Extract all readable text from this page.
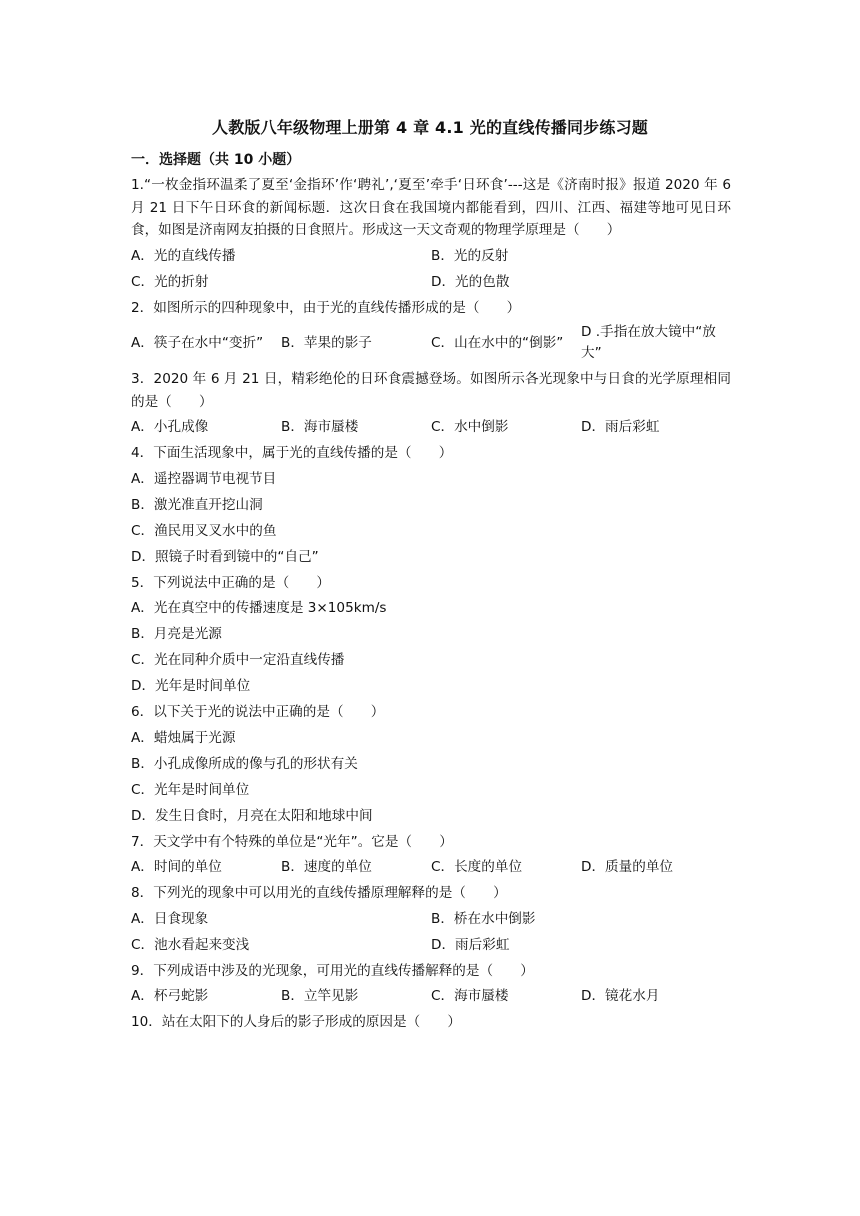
人教版八年级物理上册第 4 章 4.1 光的直线传播同步练习题
一．选择题（共 10 小题）
1.“一枚金指环温柔了夏至‘金指环’作‘聘礼’,‘夏至’牵手‘日环食’---这是《济南时报》报道 2020 年 6 月 21 日下午日环食的新闻标题．这次日食在我国境内都能看到，四川、江西、福建等地可见日环食，如图是济南网友拍摄的日食照片。形成这一天文奇观的物理学原理是（　　）
A．光的直线传播	B．光的反射
C．光的折射	D．光的色散
2．如图所示的四种现象中，由于光的直线传播形成的是（　　）
A．筷子在水中“变折”	B．苹果的影子	C．山在水中的“倒影”
D .手指在放大镜中“放大”
3．2020 年 6 月 21 日，精彩绝伦的日环食震撼登场。如图所示各光现象中与日食的光学原理相同的是（　　）
A．小孔成像	B．海市蜃楼	C．水中倒影	D．雨后彩虹
4．下面生活现象中，属于光的直线传播的是（　　）
A．遥控器调节电视节目
B．激光准直开挖山洞
C．渔民用叉叉水中的鱼
D．照镜子时看到镜中的“自己”
5．下列说法中正确的是（　　）
A．光在真空中的传播速度是 3×105km/s
B．月亮是光源
C．光在同种介质中一定沿直线传播
D．光年是时间单位
6．以下关于光的说法中正确的是（　　）
A．蜡烛属于光源
B．小孔成像所成的像与孔的形状有关
C．光年是时间单位
D．发生日食时，月亮在太阳和地球中间
7．天文学中有个特殊的单位是“光年”。它是（　　）
A．时间的单位	B．速度的单位	C．长度的单位	D．质量的单位
8．下列光的现象中可以用光的直线传播原理解释的是（　　）
A．日食现象	B．桥在水中倒影
C．池水看起来变浅	D．雨后彩虹
9．下列成语中涉及的光现象，可用光的直线传播解释的是（　　）
A．杯弓蛇影	B．立竿见影	C．海市蜃楼	D．镜花水月
10．站在太阳下的人身后的影子形成的原因是（　　）
